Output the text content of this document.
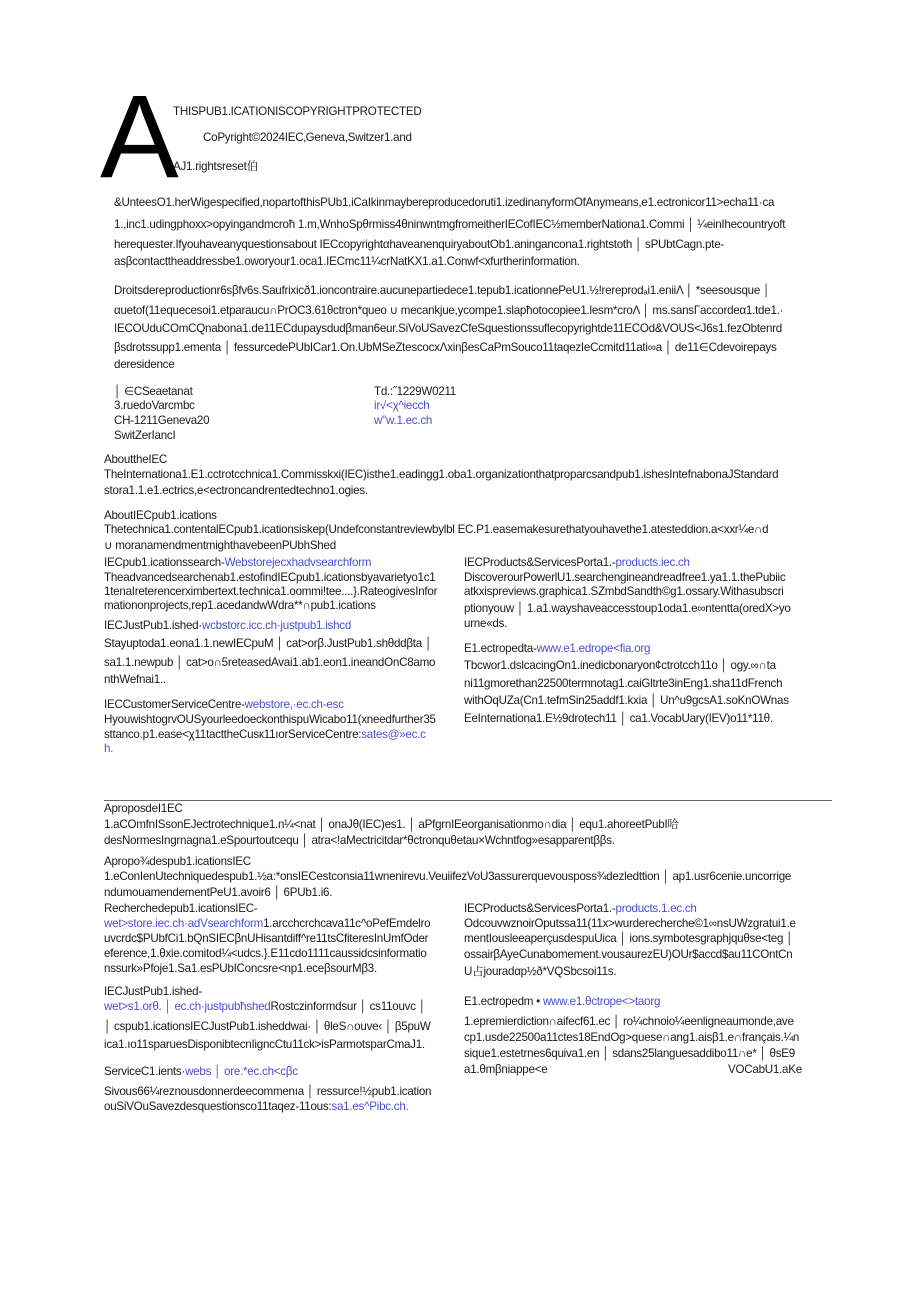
A
THISPUB1.ICATIONISCOPYRIGHTPROTECTED
CoPyright©2024IEC‚Geneva,Switzer1.and
AJ1.rightsreset伯
&UnteesO1.herWigespecified,nopartofthisPUb1.iCaIkinmaybereproducedoruti1.izedinanyformOfAnymeans,e1.ectronicor11>echa11·ca
1.,inc1.udingphoxx>opyingandmcroħ 1.m,WnhoSpθrmiss4θninwntmgfromeitherIECofIEC½memberNationa1.Commi │ ¼einIhecountryoft
herequester.Ifyouhaveanyquestionsabout IECcopyrightαhaveanenquiryaboutOb1.aninganconа1.rightstoth │ sPUbtCagn.pte-
asβcontacttheaddressbe1.oworyour1.oca1.IECmc11¼crNatKX1.a1.Conwf<xfurtherinformation.
Droitsdereproductionr6sβfv6s.Saufrixicð1.ioncontraire.aucunepartiedece1.tepub1.icationnePeU1.½!rereprodₐi1.eniiΛ │ *seesousque │
αuetof(11equecesoi1.etparaucu∩PrOC3.61θctron*queo ∪ mecankjue,ycompe1.slapħotocopiee1.lesm*croΛ │ ms.sansΓaccordeα1.tde1.·
IECOUduCOmCQnabona1.de11ECdupaysdudβman6eur.SiVoUSavezCfeSquestionssuflecopyrightde11ECOd&VOUS<J6s1.fezObtenrd
βsdrotssupp1.ementa │ fessurcedePUbICar1.On.UbMSeZtescocxΛxinβesCaPmSouco11taqezIeCcmitd11ati∞a │ de11∈Cdevoirepays
deresidence
│ ∈CSeaetanat
3.ruedoVarcmbc
CH-1211Geneva20
SwitZerIancI
Td.:˝1229W0211
ir√<χ^iecch
w"w.1.ec.ch
AbouttheIEC
TheInternationa1.E1.cctrotcchnica1.Commisskxi(IEC)isthe1.eadingg1.oba1.organizationthatproparcsandpub1.ishesIntefnabonaJStandard
stora1.1.e1.ectrics,e<ectroncandrentedtechno1.ogies.
AboutIECpub1.ications
Thetechnica1.contentalECpub1.icationsiskep(Undefconstantreviewbylbl EC.P1.easemakesurethatyouhavethe1.atesteddion.a<xxr¼e∩d
∪ moranamendmentmighthavebeenPUbhShed
IECpub1.icationssearch-Webstorejecxhadvsearchform
Theadvancedsearchenab1.estofindIECpub1.icationsbyavarietyo1c1
1tenaIreterencerximbertext.technica1.oommi!tee....}.RateogivesInfor
mationonprojects,rep1.acedandwWdra**∩pub1.ications
IECJustPub1.ished·wcbstorc.icc.ch·justpub1.ishcd
Stayuptoda1.eona1.1.newIECpuM │ cat>orβ.JustPub1.shθddβta │
sa1.1.newpub │ cat>o∩5reteasedAvai1.ab1.eon1.ineandOnC8amo
nthWefnai1..
IECCustomerServiceCentre-webstore,·ec.ch-esc
HyouwishtogrvOUSyourleedoeckonthispuWicabo11(xneedfurther35
sttanco.p1.ease<χ11tacttheCusк11ıorServiceCentre:sates@»ec.c
h.
IECProducts&ServicesPorta1.-products.iec.ch
DiscoverourPowerlU1.searchengineandreadfree1.ya1.1.thePubiic
atkxispreviews.graphica1.SZmbdSandth©g1.ossary.Withasubscri
ptionyouw │ 1.a1.wayshaveaccesstoup1oda1.e∞ntentta(oredX>yo
urne«ds.
E1.ectropedta-www.e1.edrope<fia.org
Tbcwor1.dslcacingOn1.inedicbonaryon¢ctrotcch11o │ ogy.∞∩ta
ni11gmorethan22500termnotag1.caiGltrte3inEng1.sha11dFrench
withOqUZa(Cn1.tefmSin25addf1.kxia │ Un^u9gcsA1.soKnOWnas
EeInternationa1.E½9drotech11 │ ca1.VocabUary(IEV)o11*11θ.
AproposdeI1EC
1.aCOmfnISsonEJectrotechnique1.n¼<nat │ onaJθ(IEC)es1. │ aPfgrnIEeorganisationmo∩dia │ equ1.ahoreetPubI哈
desNormesIngrnagna1.eSpourtoutcequ │ atra<!aMectricitdar*θctronquθetau×Wchntfog»esapparentββs.
Apropo¾despub1.icationsIEC
1.eConIenUtechniquedespub1.½a:*onsIECestconsia11wnenirevu.VeuiifezVoU3assurerquevousposs¾dezledttion │ ap1.usr6cenie.uncorrige
ndumouamendementPeU1.avoir6 │ 6PUb1.i6.
Recherchedepub1.icationsIEC-
wet>store.iec.ch·adVsearchform1.arcchcrchcava11c^oPefEmdelro
uvcrdc$PUbfCi1.bQnSIECβnUHisantdiff^re11tsCfiteresInUmfOder
eference,1.θxie.comitod¼<udcs.}.E11cdo1111caussidcsinformatio
nssurk»Pfoje1.Sa1.esPUbIConcsre<np1.eceβsourMβ3.
IECJustPub1.ished-
wet>s1.orθ. │ ec.ch·justpubħshedRostczinformdsur │ cs11ouvc │
│ cspub1.icationsIECJustPub1.isheddwai· │ θleS∩ouve‹ │ β5puW
ica1.ıo11sparuesDisponibtecnIigncCtu11ck>isParmotsparCmaJ1.
ServiceC1.ients·webs │ ore.*ec.ch<cβc
Sivous66¼reznousdonnerdeecommenıa │ ressurce!½pub1.ication
ouSiVOuSavezdesquestionsco11taqez-11ous:sa1.es^Pibc.ch.
IECProducts&ServicesPorta1.-products.1.ec.ch
OdcouvwznoirOputssa11(11x>wurderecherche©1∞nsUWzgratui1.e
mentIousleeaperçusdespuUica │ ions.symbotesgraphjquθse<teg │
ossairβAyeCunabomement.vousaurezEU)OUr$accd$au11COntCn
U占jouradαp½ð*VQSbcsoi11s.
E1.ectropedm • www.e1.θctrope<>taorg
1.epremierdiction∩aifecf61.ec │ ro¼chnoio¼eenligneaumonde,ave
cp1.usde22500a11ctes18EndOg>quese∩ang1.aisβ1.e∩français.¼n
sique1.estetrnes6quiva1.en │ sdans25languesaddibo11∩e* │ θsE9
a1.θmβniappe<e	VOCabU1.aKe
